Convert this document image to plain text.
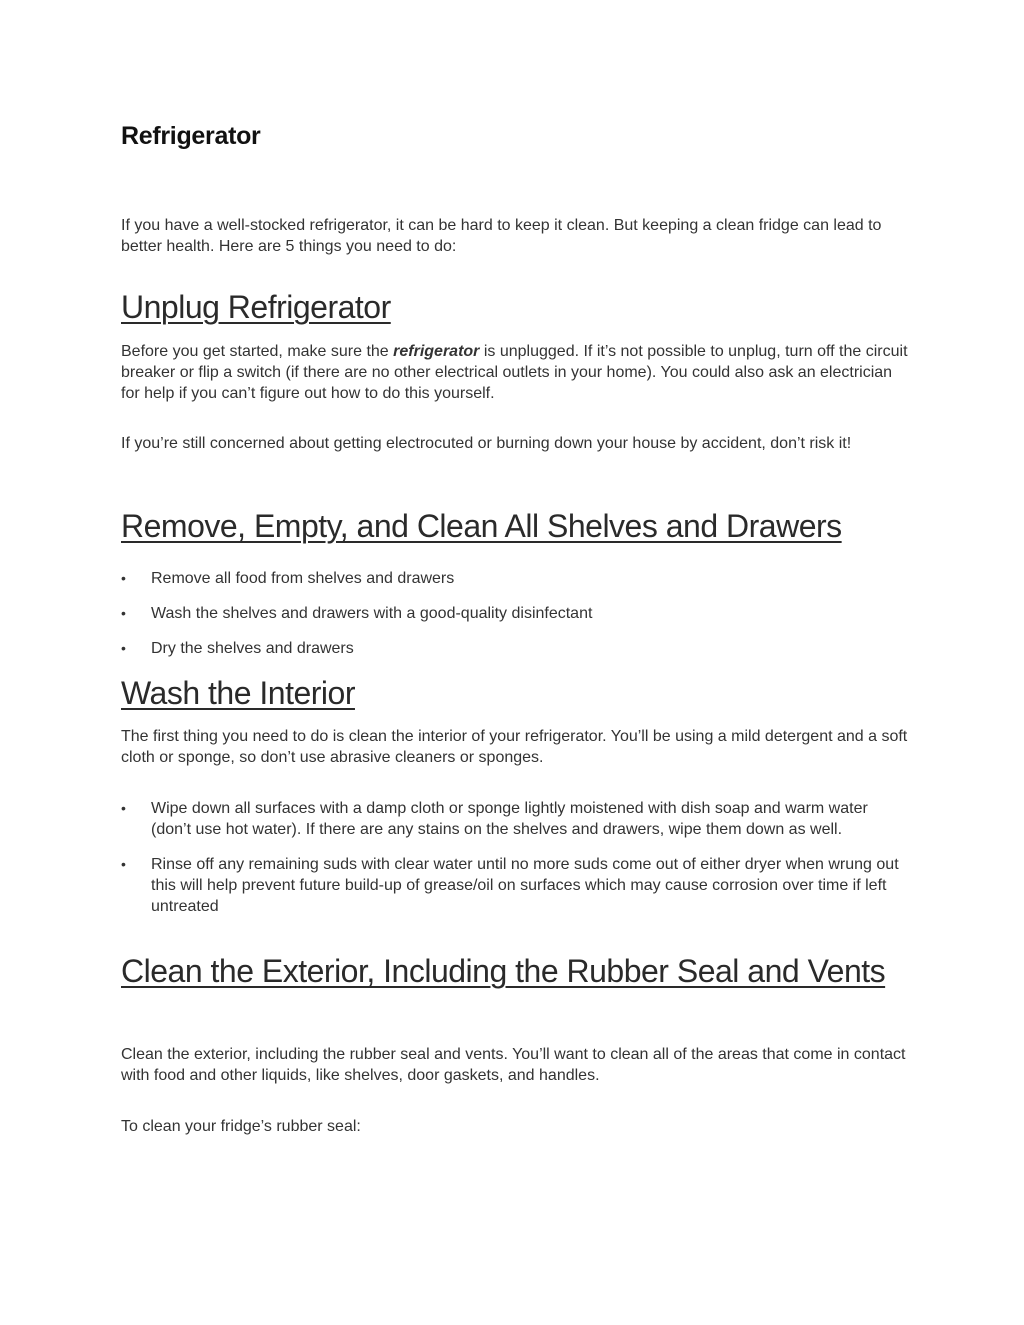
Refrigerator

If you have a well-stocked refrigerator, it can be hard to keep it clean. But keeping a clean fridge can lead to better health. Here are 5 things you need to do:

Unplug Refrigerator

Before you get started, make sure the refrigerator is unplugged. If it’s not possible to unplug, turn off the circuit breaker or flip a switch (if there are no other electrical outlets in your home). You could also ask an electrician for help if you can’t figure out how to do this yourself.

If you’re still concerned about getting electrocuted or burning down your house by accident, don’t risk it!

Remove, Empty, and Clean All Shelves and Drawers
• Remove all food from shelves and drawers
• Wash the shelves and drawers with a good-quality disinfectant
• Dry the shelves and drawers
Wash the Interior

The first thing you need to do is clean the interior of your refrigerator. You’ll be using a mild detergent and a soft cloth or sponge, so don’t use abrasive cleaners or sponges.

• Wipe down all surfaces with a damp cloth or sponge lightly moistened with dish soap and warm water (don’t use hot water). If there are any stains on the shelves and drawers, wipe them down as well.
• Rinse off any remaining suds with clear water until no more suds come out of either dryer when wrung out this will help prevent future build-up of grease/oil on surfaces which may cause corrosion over time if left untreated
Clean the Exterior, Including the Rubber Seal and Vents

Clean the exterior, including the rubber seal and vents. You’ll want to clean all of the areas that come in contact with food and other liquids, like shelves, door gaskets, and handles.

To clean your fridge’s rubber seal:
